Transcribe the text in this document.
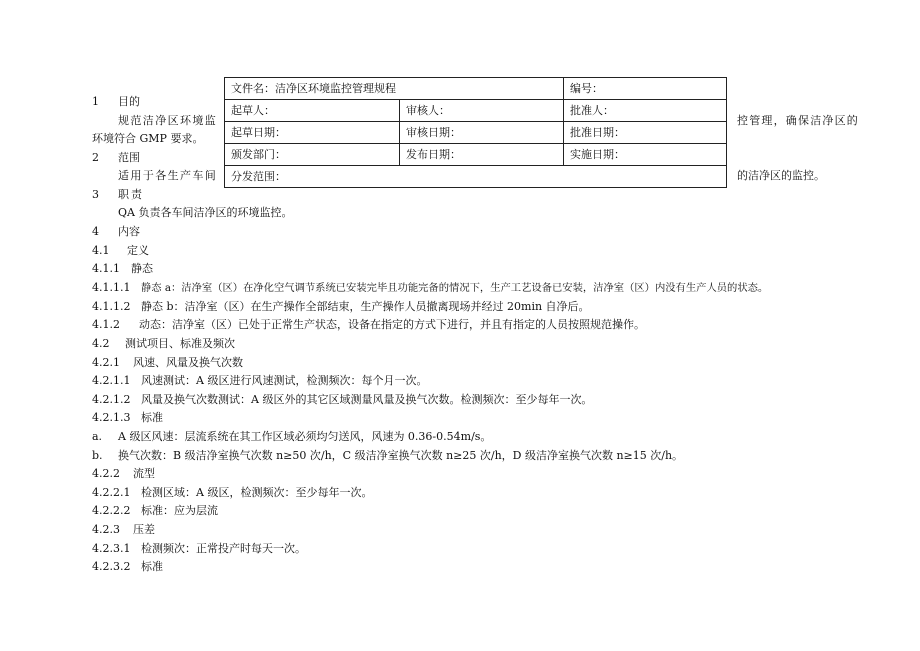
文件名：洁净区环境监控管理规程		编号：
起草人：	审核人：	批准人：
起草日期：	审核日期：	批准日期：
颁发部门：	发布日期：	实施日期：
分发范围：		
1 目的
规范洁净区环境监	控管理，确保洁净区的
环境符合 GMP 要求。
2 范围
适用于各生产车间	的洁净区的监控。
3 职责
QA 负责各车间洁净区的环境监控。
4 内容
4.1 定义
4.1.1 静态
4.1.1.1 静态 a：洁净室（区）在净化空气调节系统已安装完毕且功能完备的情况下，生产工艺设备已安装，洁净室（区）内没有生产人员的状态。
4.1.1.2 静态 b：洁净室（区）在生产操作全部结束，生产操作人员撤离现场并经过 20min 自净后。
4.1.2 动态：洁净室（区）已处于正常生产状态，设备在指定的方式下进行，并且有指定的人员按照规范操作。
4.2 测试项目、标准及频次
4.2.1 风速、风量及换气次数
4.2.1.1 风速测试：A 级区进行风速测试，检测频次：每个月一次。
4.2.1.2 风量及换气次数测试：A 级区外的其它区域测量风量及换气次数。检测频次：至少每年一次。
4.2.1.3 标准
a. A 级区风速：层流系统在其工作区域必须均匀送风，风速为 0.36-0.54m/s。
b. 换气次数：B 级洁净室换气次数 n≥50 次/h，C 级洁净室换气次数 n≥25 次/h，D 级洁净室换气次数 n≥15 次/h。
4.2.2 流型
4.2.2.1 检测区域：A 级区，检测频次：至少每年一次。
4.2.2.2 标准：应为层流
4.2.3 压差
4.2.3.1 检测频次：正常投产时每天一次。
4.2.3.2 标准
